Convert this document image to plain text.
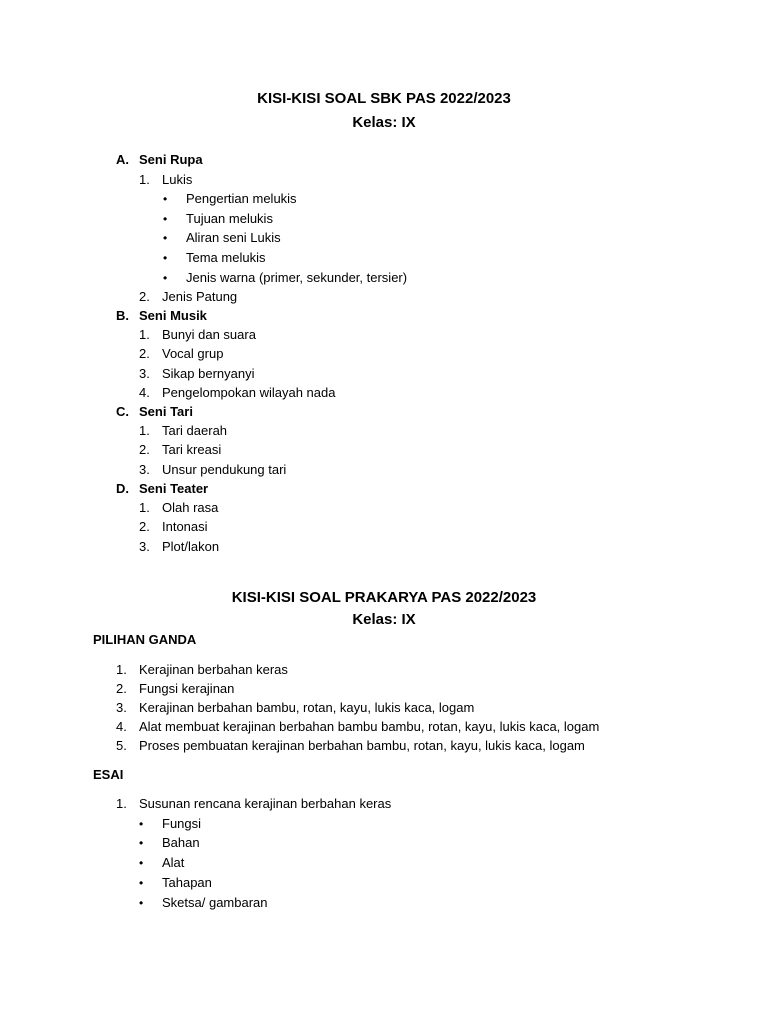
KISI-KISI SOAL SBK PAS 2022/2023
Kelas: IX
A. Seni Rupa
1. Lukis
• Pengertian melukis
• Tujuan melukis
• Aliran seni Lukis
• Tema melukis
• Jenis warna (primer, sekunder, tersier)
2. Jenis Patung
B. Seni Musik
1. Bunyi dan suara
2. Vocal grup
3. Sikap bernyanyi
4. Pengelompokan wilayah nada
C. Seni Tari
1. Tari daerah
2. Tari kreasi
3. Unsur pendukung tari
D. Seni Teater
1. Olah rasa
2. Intonasi
3. Plot/lakon
KISI-KISI SOAL PRAKARYA PAS 2022/2023
Kelas: IX
PILIHAN GANDA
1. Kerajinan berbahan keras
2. Fungsi kerajinan
3. Kerajinan berbahan bambu, rotan, kayu, lukis kaca, logam
4. Alat membuat kerajinan berbahan bambu bambu, rotan, kayu, lukis kaca, logam
5. Proses pembuatan kerajinan berbahan bambu, rotan, kayu, lukis kaca, logam
ESAI
1. Susunan rencana kerajinan berbahan keras
• Fungsi
• Bahan
• Alat
• Tahapan
• Sketsa/ gambaran
